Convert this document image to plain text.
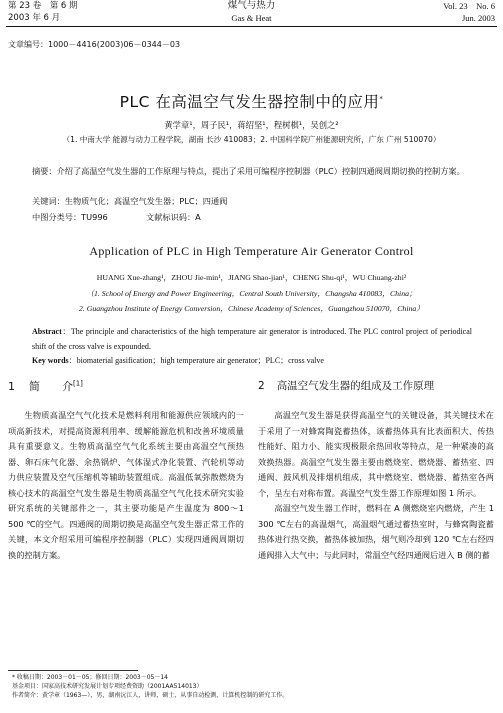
第 23 卷　第 6 期
2003 年 6 月
煤气与热力
Gas & Heat
Vol. 23　No. 6
Jun. 2003
文章编号：1000－4416(2003)06－0344－03
PLC 在高温空气发生器控制中的应用*
黄学章¹，周子民¹，蒋绍坚¹，程树棋¹，吴创之²
（1. 中南大学 能源与动力工程学院，湖南 长沙 410083；2. 中国科学院广州能源研究所，广东 广州 510070）
摘要：介绍了高温空气发生器的工作原理与特点，提出了采用可编程序控制器（PLC）控制四通阀周期切换的控制方案。
关键词：生物质气化；高温空气发生器；PLC；四通阀
中图分类号：TU996	文献标识码：A
Application of PLC in High Temperature Air Generator Control
HUANG Xue-zhang¹，ZHOU Jie-min¹，JIANG Shao-jian¹，CHENG Shu-qi¹，WU Chuang-zhi²
（1. School of Energy and Power Engineering，Central South University，Changsha 410083，China；
2. Guangzhou Institute of Energy Conversion，Chinese Academy of Sciences，Guangzhou 510070，China）
Abstract：The principle and characteristics of the high temperature air generator is introduced. The PLC control project of periodical shift of the cross valve is expounded.
Key words：biomaterial gasification；high temperature air generator；PLC；cross valve
1 简　　介[1]	2 高温空气发生器的组成及工作原理
生物质高温空气气化技术是燃料利用和能源供应领域内的一项高新技术，对提高资源利用率、缓解能源危机和改善环境质量具有重要意义。生物质高温空气气化系统主要由高温空气预热器、卵石床气化器、余热锅炉、气体湿式净化装置、汽轮机等动力供应装置及空气压缩机等辅助装置组成。高温低氧弥散燃烧为核心技术的高温空气发生器是生物质高温空气气化技术研究实验研究系统的关键部件之一，其主要功能是产生温度为 800～1 500 ℃的空气。四通阀的周期切换是高温空气发生器正常工作的关键，本文介绍采用可编程序控制器（PLC）实现四通阀周期切换的控制方案。

高温空气发生器是获得高温空气的关键设备，其关键技术在于采用了一对蜂窝陶瓷蓄热体，该蓄热体具有比表面积大、传热性能好、阻力小、能实现极限余热回收等特点，是一种紧凑的高效换热器。高温空气发生器主要由燃烧室、燃烧器、蓄热室、四通阀、鼓风机及排烟机组成，其中燃烧室、燃烧器、蓄热室各两个，呈左右对称布置。高温空气发生器工作原理如图 1 所示。

高温空气发生器工作时，燃料在 A 侧燃烧室内燃烧，产生 1 300 ℃左右的高温烟气，高温烟气通过蓄热室时，与蜂窝陶瓷蓄热体进行热交换，蓄热体被加热，烟气则冷却到 120 ℃左右经四通阀排入大气中；与此同时，常温空气经四通阀后进入 B 侧的蓄

* 收稿日期：2003－01－05；修回日期：2003－05－14
基金项目：国家高技术研究发展计划专项经费资助（2001AA514013）
作者简介：黄学章（1963—），男，湖南沅江人，讲师，硕士，从事自动检测、计算机控制的研究工作。
